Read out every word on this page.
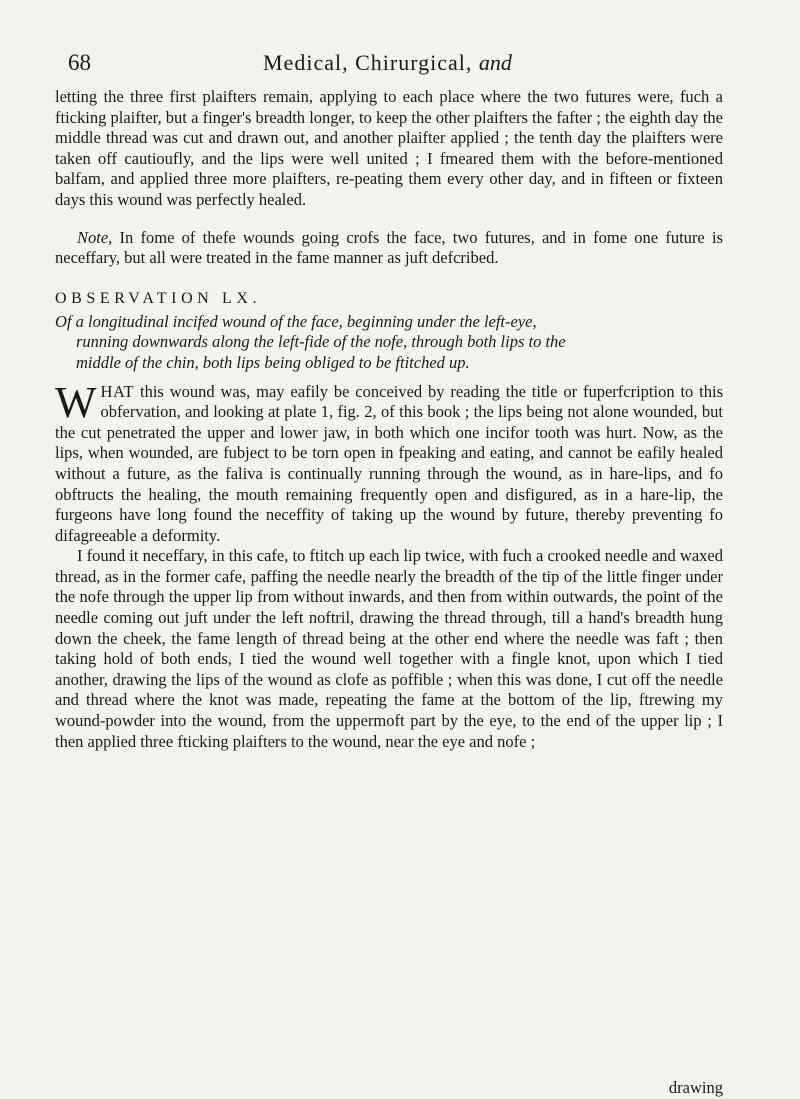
68	Medical, Chirurgical, and

letting the three first plaifters remain, applying to each place where the two futures were, fuch a fticking plaifter, but a finger's breadth longer, to keep the other plaifters the fafter ; the eighth day the middle thread was cut and drawn out, and another plaifter applied ; the tenth day the plaifters were taken off cautioufly, and the lips were well united ; I fmeared them with the before-mentioned balfam, and applied three more plaifters, re-peating them every other day, and in fifteen or fixteen days this wound was perfectly healed.

Note, In fome of thefe wounds going crofs the face, two futures, and in fome one future is neceffary, but all were treated in the fame manner as juft defcribed.

OBSERVATION LX.

Of a longitudinal incifed wound of the face, beginning under the left-eye,
running downwards along the left-fide of the nofe, through both lips to the
middle of the chin, both lips being obliged to be ftitched up.

WHAT this wound was, may eafily be conceived by reading the title or fuperfcription to this obfervation, and looking at plate 1, fig. 2, of this book ; the lips being not alone wounded, but the cut penetrated the upper and lower jaw, in both which one incifor tooth was hurt. Now, as the lips, when wounded, are fubject to be torn open in fpeaking and eating, and cannot be eafily healed without a future, as the faliva is continually running through the wound, as in hare-lips, and fo obftructs the healing, the mouth remaining frequently open and disfigured, as in a hare-lip, the furgeons have long found the neceffity of taking up the wound by future, thereby preventing fo difagreeable a deformity.

I found it neceffary, in this cafe, to ftitch up each lip twice, with fuch a crooked needle and waxed thread, as in the former cafe, paffing the needle nearly the breadth of the tip of the little finger under the nofe through the upper lip from without inwards, and then from within outwards, the point of the needle coming out juft under the left noftril, drawing the thread through, till a hand's breadth hung down the cheek, the fame length of thread being at the other end where the needle was faft ; then taking hold of both ends, I tied the wound well together with a fingle knot, upon which I tied another, drawing the lips of the wound as clofe as poffible ; when this was done, I cut off the needle and thread where the knot was made, repeating the fame at the bottom of the lip, ftrewing my wound-powder into the wound, from the uppermoft part by the eye, to the end of the upper lip ; I then applied three fticking plaifters to the wound, near the eye and nofe ;

drawing
